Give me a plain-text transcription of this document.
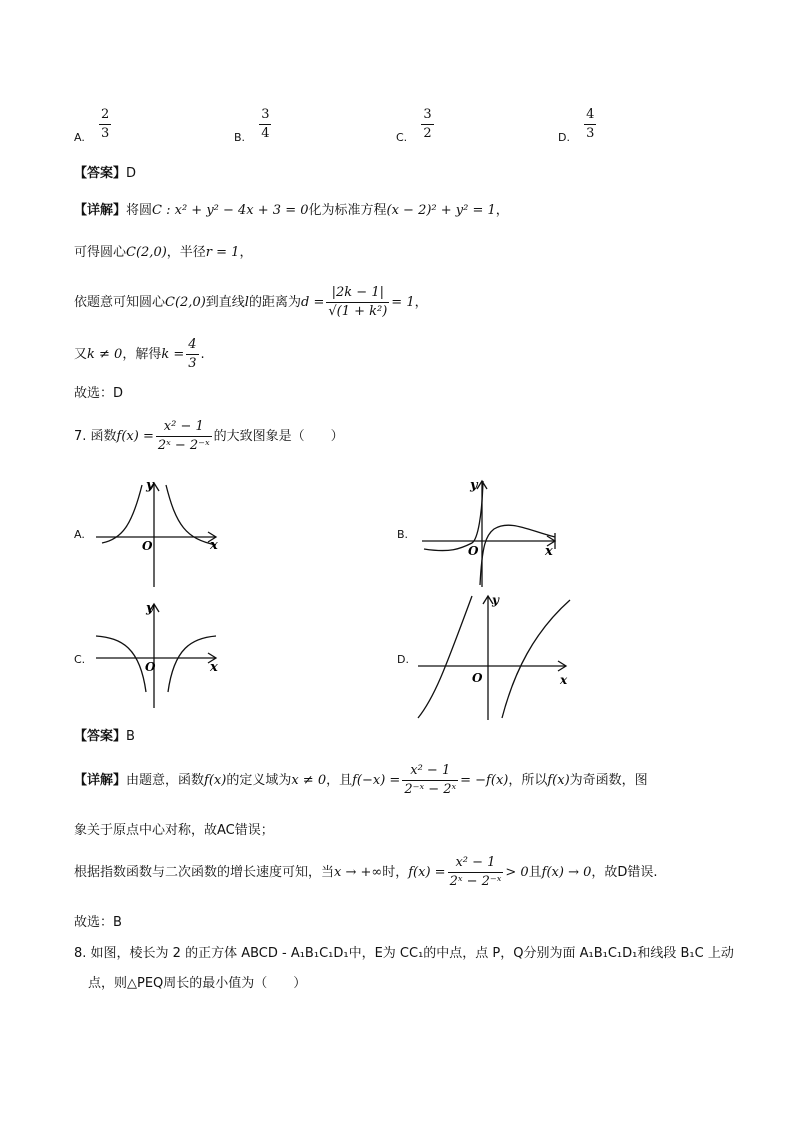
$_{A.} \frac{2}{3}$	$_{B.} \frac{3}{4}$	$_{C.} \frac{3}{2}$	$_{D.} \frac{4}{3}$
【答案】D
【详解】将圆C : x² + y² − 4x + 3 = 0化为标准方程(x − 2)² + y² = 1，
可得圆心C(2,0)，半径r = 1，
依题意可知圆心C(2,0)到直线l的距离为$d = \frac{|2k - 1|}{\text{√(1 + k²)}} = 1$，
又k ≠ 0，解得$k = \frac{4}{3}$ .
故选：D
7. 函数$f(x) = \frac{\text{x² − 1}}{\text{2ˣ − 2⁻ˣ}}$ 的大致图象是（　　）
A.	B.
C.	D.
y
x
O
y
x
O
y
x
O
y
x
O
【答案】B
【详解】由题意，函数f(x)的定义域为x ≠ 0，且$f(-x) = \frac{\text{x² − 1}}{\text{2⁻ˣ − 2ˣ}} = -f(x)$，所以f(x)为奇函数，图
象关于原点中心对称，故AC错误；
根据指数函数与二次函数的增长速度可知，当x → +∞时，$f(x) = \frac{\text{x² − 1}}{\text{2ˣ − 2⁻ˣ}} > 0$且f(x) → 0，故D错误.
故选：B
8. 如图，棱长为 2 的正方体 ABCD - A₁B₁C₁D₁中，E为 CC₁的中点，点 P，Q分别为面 A₁B₁C₁D₁和线段 B₁C 上动
点，则△PEQ周长的最小值为（　　）
